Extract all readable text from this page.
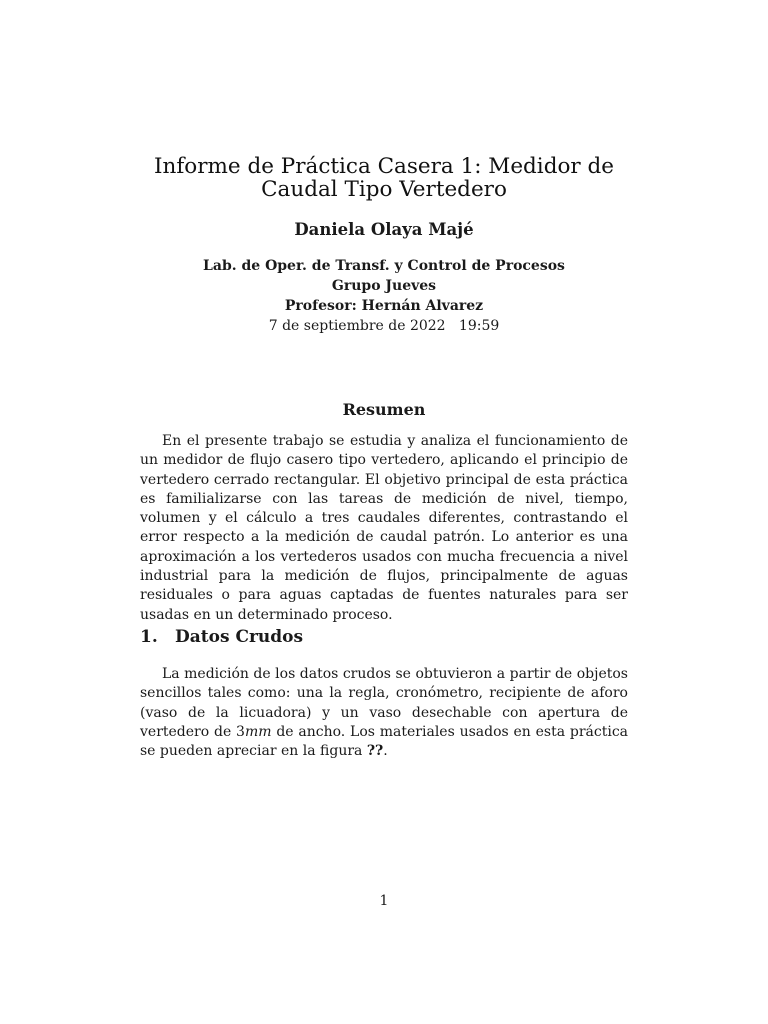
Informe de Práctica Casera 1: Medidor de
Caudal Tipo Vertedero
Daniela Olaya Majé
Lab. de Oper. de Transf. y Control de Procesos
Grupo Jueves
Profesor: Hernán Alvarez
7 de septiembre de 2022   19:59
Resumen

En el presente trabajo se estudia y analiza el funcionamiento de un medidor de flujo casero tipo vertedero, aplicando el principio de vertedero cerrado rectangular. El objetivo principal de esta práctica es familializarse con las tareas de medición de nivel, tiempo, volumen y el cálculo a tres caudales diferentes, contrastando el error respecto a la medición de caudal patrón. Lo anterior es una aproximación a los vertederos usados con mucha frecuencia a nivel industrial para la medición de flujos, principalmente de aguas residuales o para aguas captadas de fuentes naturales para ser usadas en un determinado proceso.

1. Datos Crudos

La medición de los datos crudos se obtuvieron a partir de objetos sencillos tales como: una la regla, cronómetro, recipiente de aforo (vaso de la licuadora) y un vaso desechable con apertura de vertedero de 3mm de ancho. Los materiales usados en esta práctica se pueden apreciar en la figura ??.

1
